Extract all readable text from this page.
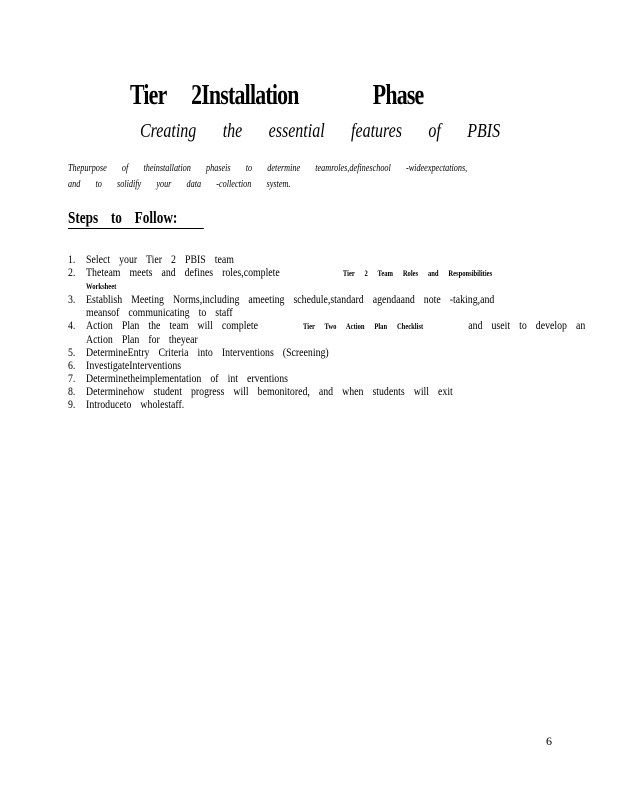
Tier 2Installation	Phase
Creating the essential features of PBIS
Thepurpose of theinstallation phaseis to determine teamroles,defineschool -wideexpectations,
and to solidify your data -collection system.
Steps to Follow:
1. Select your Tier 2 PBIS team
2. Theteam meets and defines roles,complete	Tier 2 Team Roles and Responsibilities
Worksheet
3. Establish Meeting Norms,including ameeting schedule,standard agendaand note -taking,and
meansof communicating to staff
4. Action Plan the team will complete	Tier Two Action Plan Checklist	and useit to develop an
Action Plan for theyear
5. DetermineEntry Criteria into Interventions (Screening)
6. InvestigateInterventions
7. Determinetheimplementation of int erventions
8. Determinehow student progress will bemonitored, and when students will exit
9. Introduceto wholestaff.
6
